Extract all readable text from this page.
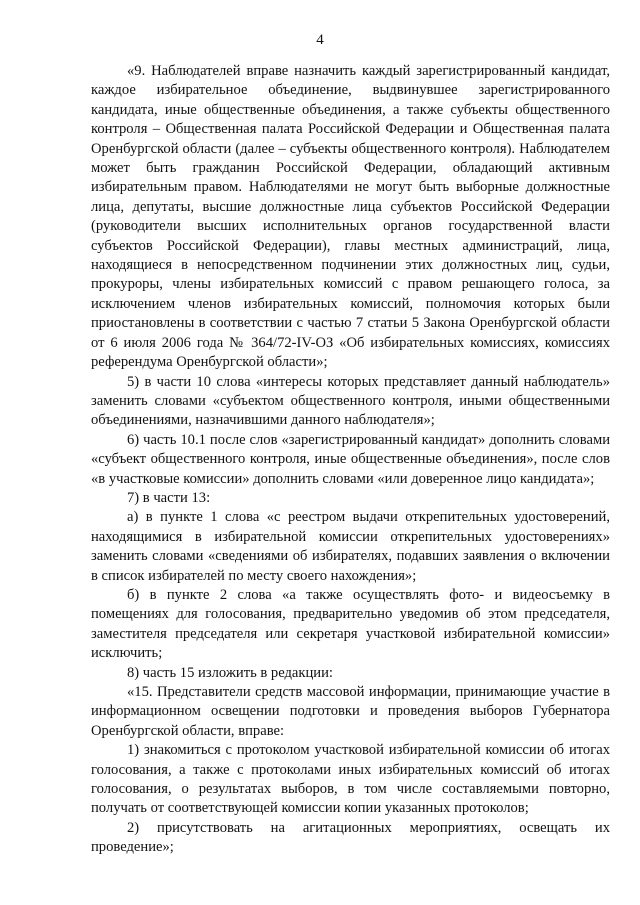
4

«9. Наблюдателей вправе назначить каждый зарегистрированный кандидат, каждое избирательное объединение, выдвинувшее зарегистрированного кандидата, иные общественные объединения, а также субъекты общественного контроля – Общественная палата Российской Федерации и Общественная палата Оренбургской области (далее – субъекты общественного контроля). Наблюдателем может быть гражданин Российской Федерации, обладающий активным избирательным правом. Наблюдателями не могут быть выборные должностные лица, депутаты, высшие должностные лица субъектов Российской Федерации (руководители высших исполнительных органов государственной власти субъектов Российской Федерации), главы местных администраций, лица, находящиеся в непосредственном подчинении этих должностных лиц, судьи, прокуроры, члены избирательных комиссий с правом решающего голоса, за исключением членов избирательных комиссий, полномочия которых были приостановлены в соответствии с частью 7 статьи 5 Закона Оренбургской области от 6 июля 2006 года № 364/72-IV-ОЗ «Об избирательных комиссиях, комиссиях референдума Оренбургской области»;

5) в части 10 слова «интересы которых представляет данный наблюдатель» заменить словами «субъектом общественного контроля, иными общественными объединениями, назначившими данного наблюдателя»;

6) часть 10.1 после слов «зарегистрированный кандидат» дополнить словами «субъект общественного контроля, иные общественные объединения», после слов «в участковые комиссии» дополнить словами «или доверенное лицо кандидата»;

7) в части 13:

а) в пункте 1 слова «с реестром выдачи открепительных удостоверений, находящимися в избирательной комиссии открепительных удостоверениях» заменить словами «сведениями об избирателях, подавших заявления о включении в список избирателей по месту своего нахождения»;

б) в пункте 2 слова «а также осуществлять фото- и видеосъемку в помещениях для голосования, предварительно уведомив об этом председателя, заместителя председателя или секретаря участковой избирательной комиссии» исключить;

8) часть 15 изложить в редакции:

«15. Представители средств массовой информации, принимающие участие в информационном освещении подготовки и проведения выборов Губернатора Оренбургской области, вправе:

1) знакомиться с протоколом участковой избирательной комиссии об итогах голосования, а также с протоколами иных избирательных комиссий об итогах голосования, о результатах выборов, в том числе составляемыми повторно, получать от соответствующей комиссии копии указанных протоколов;

2) присутствовать на агитационных мероприятиях, освещать их проведение»;
